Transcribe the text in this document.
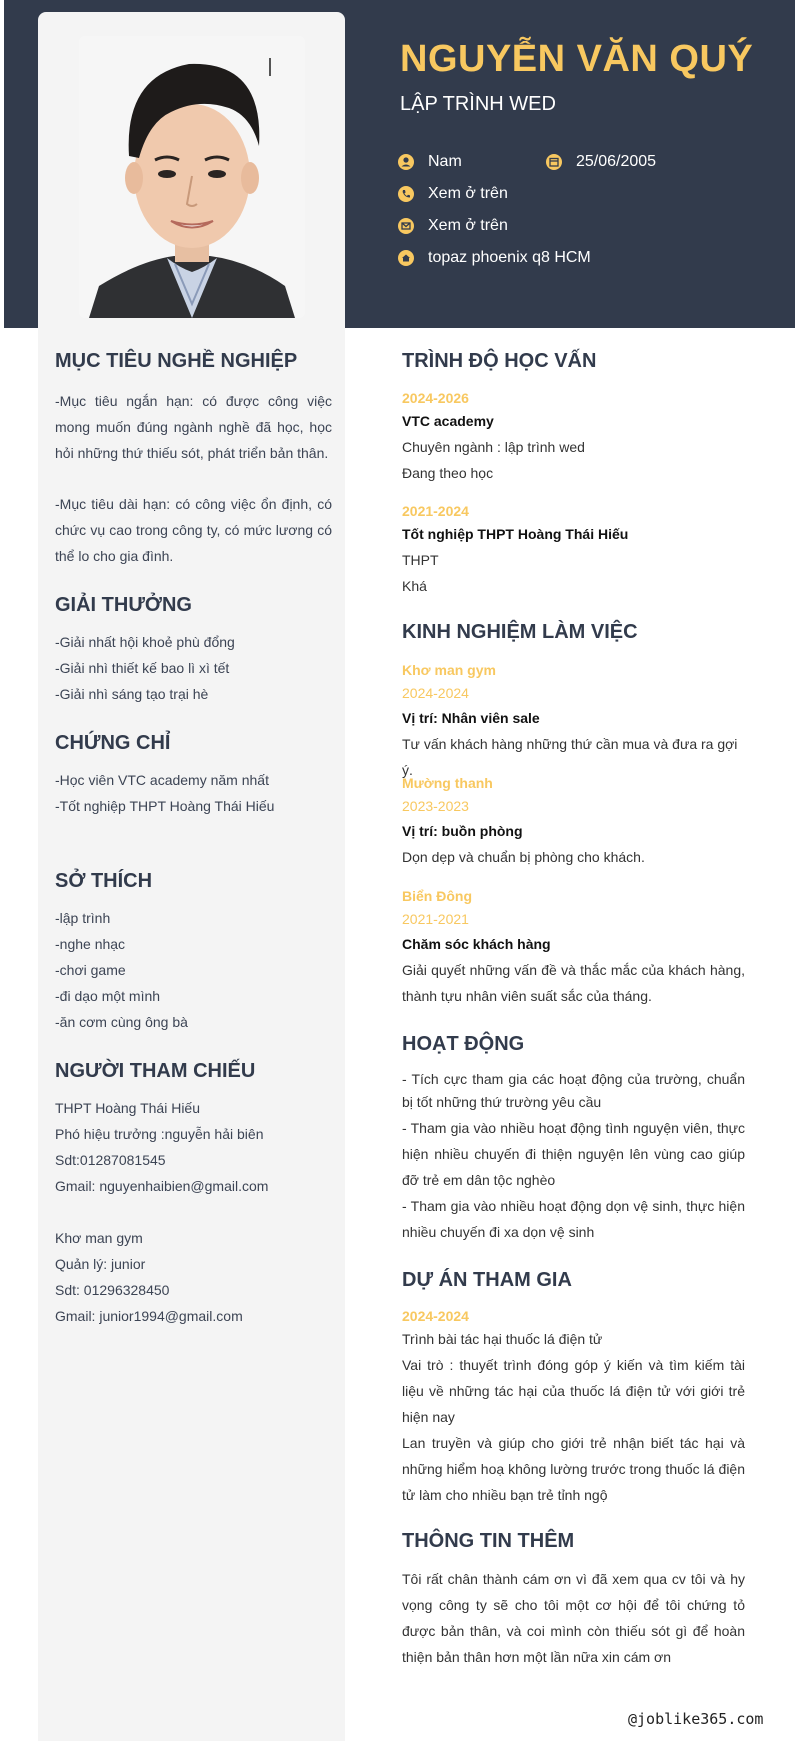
NGUYỄN VĂN QUÝ
LẬP TRÌNH WED
Nam	25/06/2005
Xem ở trên
Xem ở trên
topaz phoenix q8 HCM
MỤC TIÊU NGHỀ NGHIỆP
-Mục tiêu ngắn hạn: có được công việc mong muốn đúng ngành nghề đã học, học hỏi những thứ thiếu sót, phát triển bản thân.
-Mục tiêu dài hạn: có công việc ổn định, có chức vụ cao trong công ty, có mức lương có thể lo cho gia đình.
GIẢI THƯỞNG
-Giải nhất hội khoẻ phù đổng
-Giải nhì thiết kế bao lì xì tết
-Giải nhì sáng tạo trại hè
CHỨNG CHỈ
-Học viên VTC academy năm nhất
-Tốt nghiệp THPT Hoàng Thái Hiếu
SỞ THÍCH
-lập trình
-nghe nhạc
-chơi game
-đi dạo một mình
-ăn cơm cùng ông bà
NGƯỜI THAM CHIẾU
THPT Hoàng Thái Hiếu
Phó hiệu trưởng :nguyễn hải biên
Sdt:01287081545
Gmail: nguyenhaibien@gmail.com
Khơ man gym
Quản lý: junior
Sdt: 01296328450
Gmail: junior1994@gmail.com
TRÌNH ĐỘ HỌC VẤN
2024-2026
VTC academy
Chuyên ngành : lập trình wed
Đang theo học
2021-2024
Tốt nghiệp THPT Hoàng Thái Hiếu
THPT
Khá
KINH NGHIỆM LÀM VIỆC
Khơ man gym
2024-2024
Vị trí: Nhân viên sale
Tư vấn khách hàng những thứ cần mua và đưa ra gợi ý.
Mường thanh
2023-2023
Vị trí: buồn phòng
Dọn dẹp và chuẩn bị phòng cho khách.
Biển Đông
2021-2021
Chăm sóc khách hàng
Giải quyết những vấn đề và thắc mắc của khách hàng, thành tựu nhân viên suất sắc của tháng.
HOẠT ĐỘNG
- Tích cực tham gia các hoạt động của trường, chuẩn bị tốt những thứ trường yêu cầu
- Tham gia vào nhiều hoạt động tình nguyện viên, thực hiện nhiều chuyến đi thiện nguyện lên vùng cao giúp đỡ trẻ em dân tộc nghèo
- Tham gia vào nhiều hoạt động dọn vệ sinh, thực hiện nhiều chuyến đi xa dọn vệ sinh
DỰ ÁN THAM GIA
2024-2024
Trình bài tác hại thuốc lá điện tử
Vai trò : thuyết trình đóng góp ý kiến và tìm kiếm tài liệu về những tác hại của thuốc lá điện tử với giới trẻ hiện nay
Lan truyền và giúp cho giới trẻ nhận biết tác hại và những hiểm hoạ không lường trước trong thuốc lá điện tử làm cho nhiều bạn trẻ tỉnh ngộ
THÔNG TIN THÊM
Tôi rất chân thành cám ơn vì đã xem qua cv tôi và hy vọng công ty sẽ cho tôi một cơ hội để tôi chứng tỏ được bản thân, và coi mình còn thiếu sót gì để hoàn thiện bản thân hơn một lần nữa xin cám ơn
@joblike365.com
